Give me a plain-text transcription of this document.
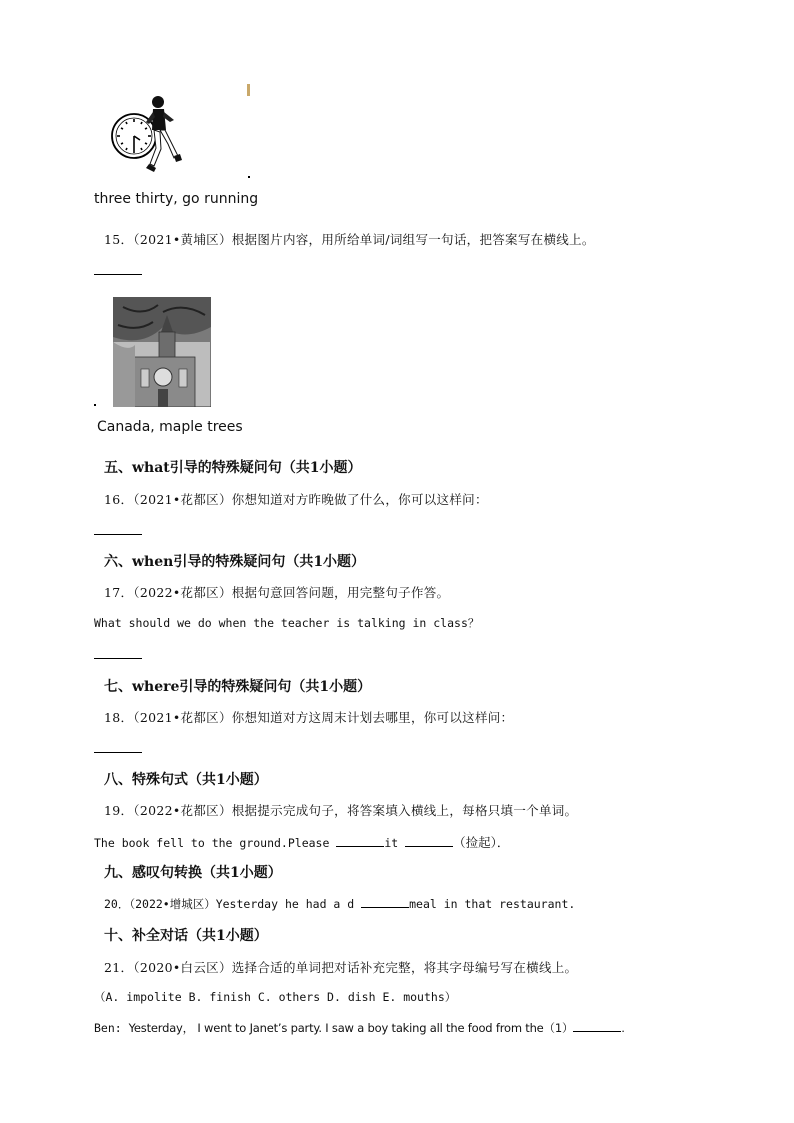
three thirty, go running
15．（2021•黄埔区）根据图片内容，用所给单词/词组写一句话，把答案写在横线上。
Canada, maple trees
五、what引导的特殊疑问句（共1小题）
16．（2021•花都区）你想知道对方昨晚做了什么，你可以这样问：
六、when引导的特殊疑问句（共1小题）
17．（2022•花都区）根据句意回答问题，用完整句子作答。
What should we do when the teacher is talking in class？
七、where引导的特殊疑问句（共1小题）
18．（2021•花都区）你想知道对方这周末计划去哪里，你可以这样问：
八、特殊句式（共1小题）
19．（2022•花都区）根据提示完成句子，将答案填入横线上，每格只填一个单词。
The book fell to the ground.Please	it	（捡起）．
九、感叹句转换（共1小题）
20．（2022•增城区）Yesterday he had a d	meal in that restaurant.
十、补全对话（共1小题）
21．（2020•白云区）选择合适的单词把对话补充完整，将其字母编号写在横线上。
（A. impolite B. finish C. others D. dish E. mouths）
Ben: Yesterday， I went to Janet’s party. I saw a boy taking all the food from the（1）	.
